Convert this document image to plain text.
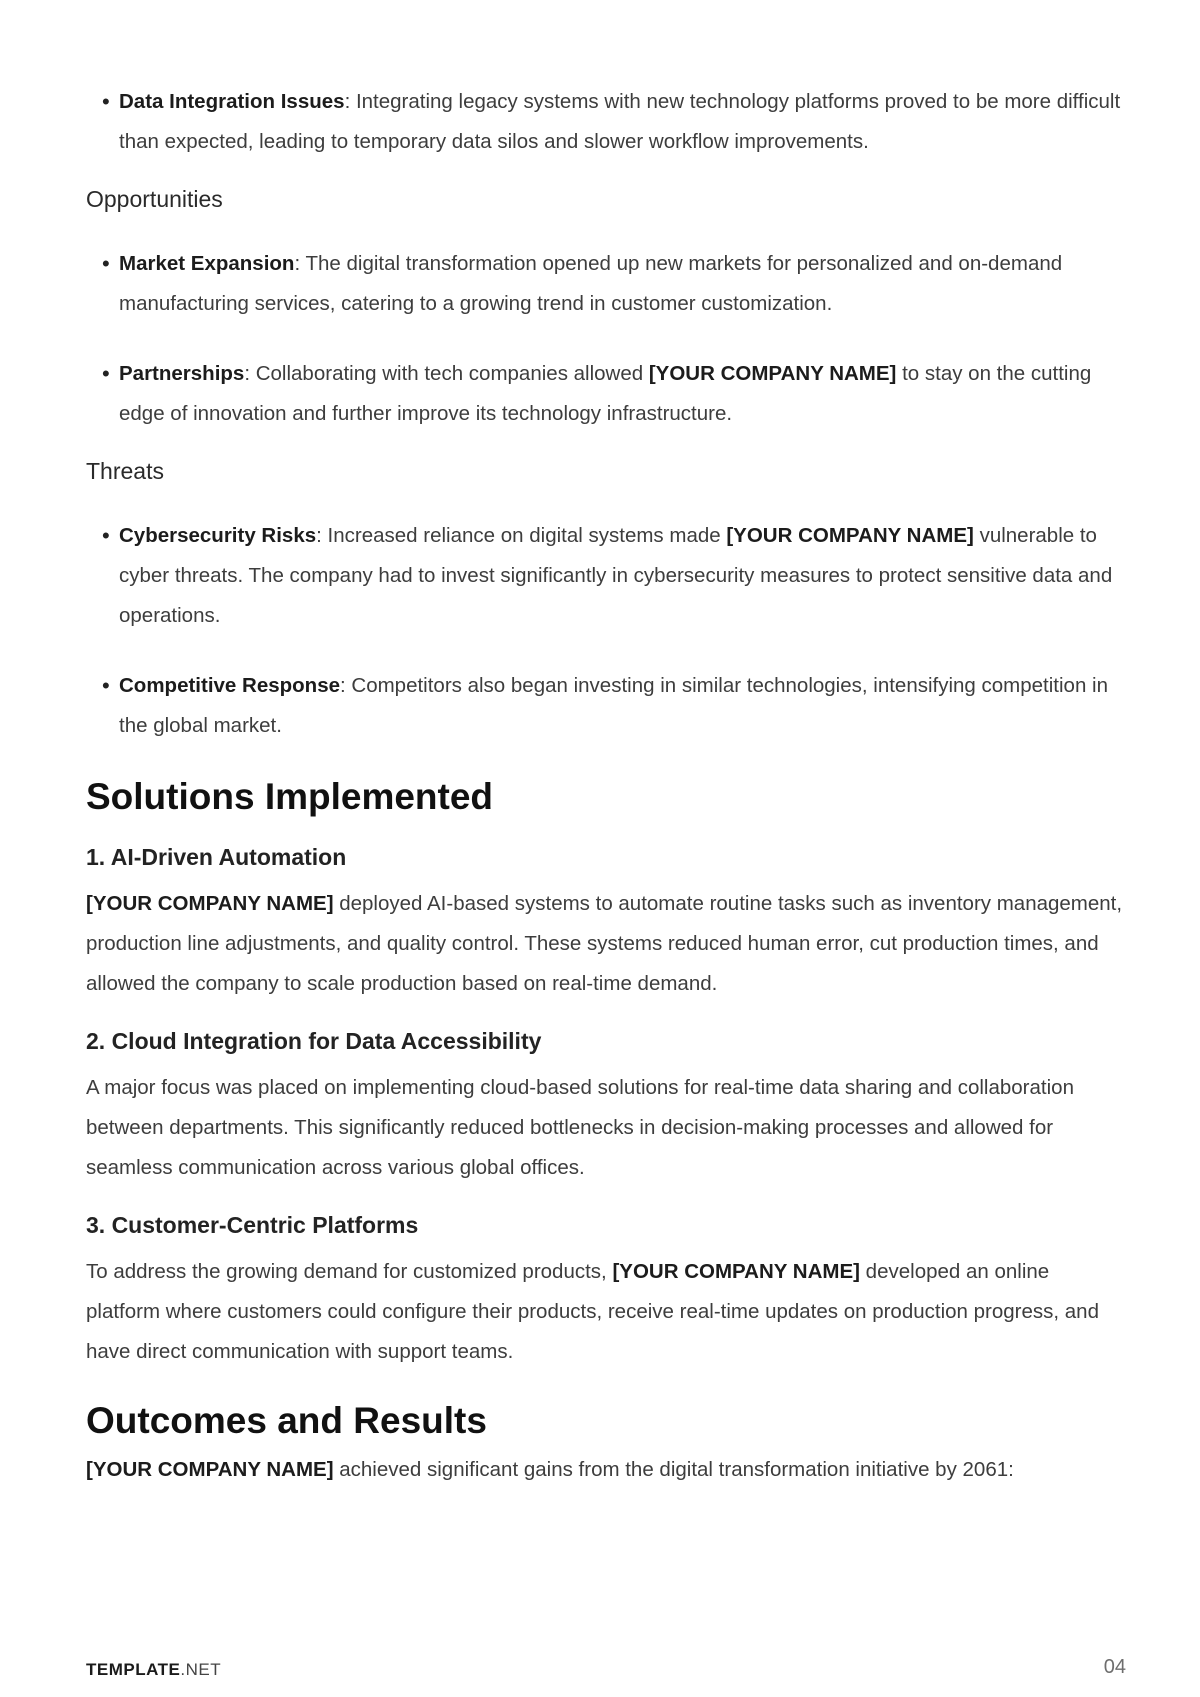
• Data Integration Issues: Integrating legacy systems with new technology platforms proved to be more difficult than expected, leading to temporary data silos and slower workflow improvements.
Opportunities
• Market Expansion: The digital transformation opened up new markets for personalized and on-demand manufacturing services, catering to a growing trend in customer customization.
• Partnerships: Collaborating with tech companies allowed [YOUR COMPANY NAME] to stay on the cutting edge of innovation and further improve its technology infrastructure.
Threats
• Cybersecurity Risks: Increased reliance on digital systems made [YOUR COMPANY NAME] vulnerable to cyber threats. The company had to invest significantly in cybersecurity measures to protect sensitive data and operations.
• Competitive Response: Competitors also began investing in similar technologies, intensifying competition in the global market.
Solutions Implemented
1. AI-Driven Automation

[YOUR COMPANY NAME] deployed AI-based systems to automate routine tasks such as inventory management, production line adjustments, and quality control. These systems reduced human error, cut production times, and allowed the company to scale production based on real-time demand.

2. Cloud Integration for Data Accessibility

A major focus was placed on implementing cloud-based solutions for real-time data sharing and collaboration between departments. This significantly reduced bottlenecks in decision-making processes and allowed for seamless communication across various global offices.

3. Customer-Centric Platforms

To address the growing demand for customized products, [YOUR COMPANY NAME] developed an online platform where customers could configure their products, receive real-time updates on production progress, and have direct communication with support teams.

Outcomes and Results

[YOUR COMPANY NAME] achieved significant gains from the digital transformation initiative by 2061:

TEMPLATE.NET	04
